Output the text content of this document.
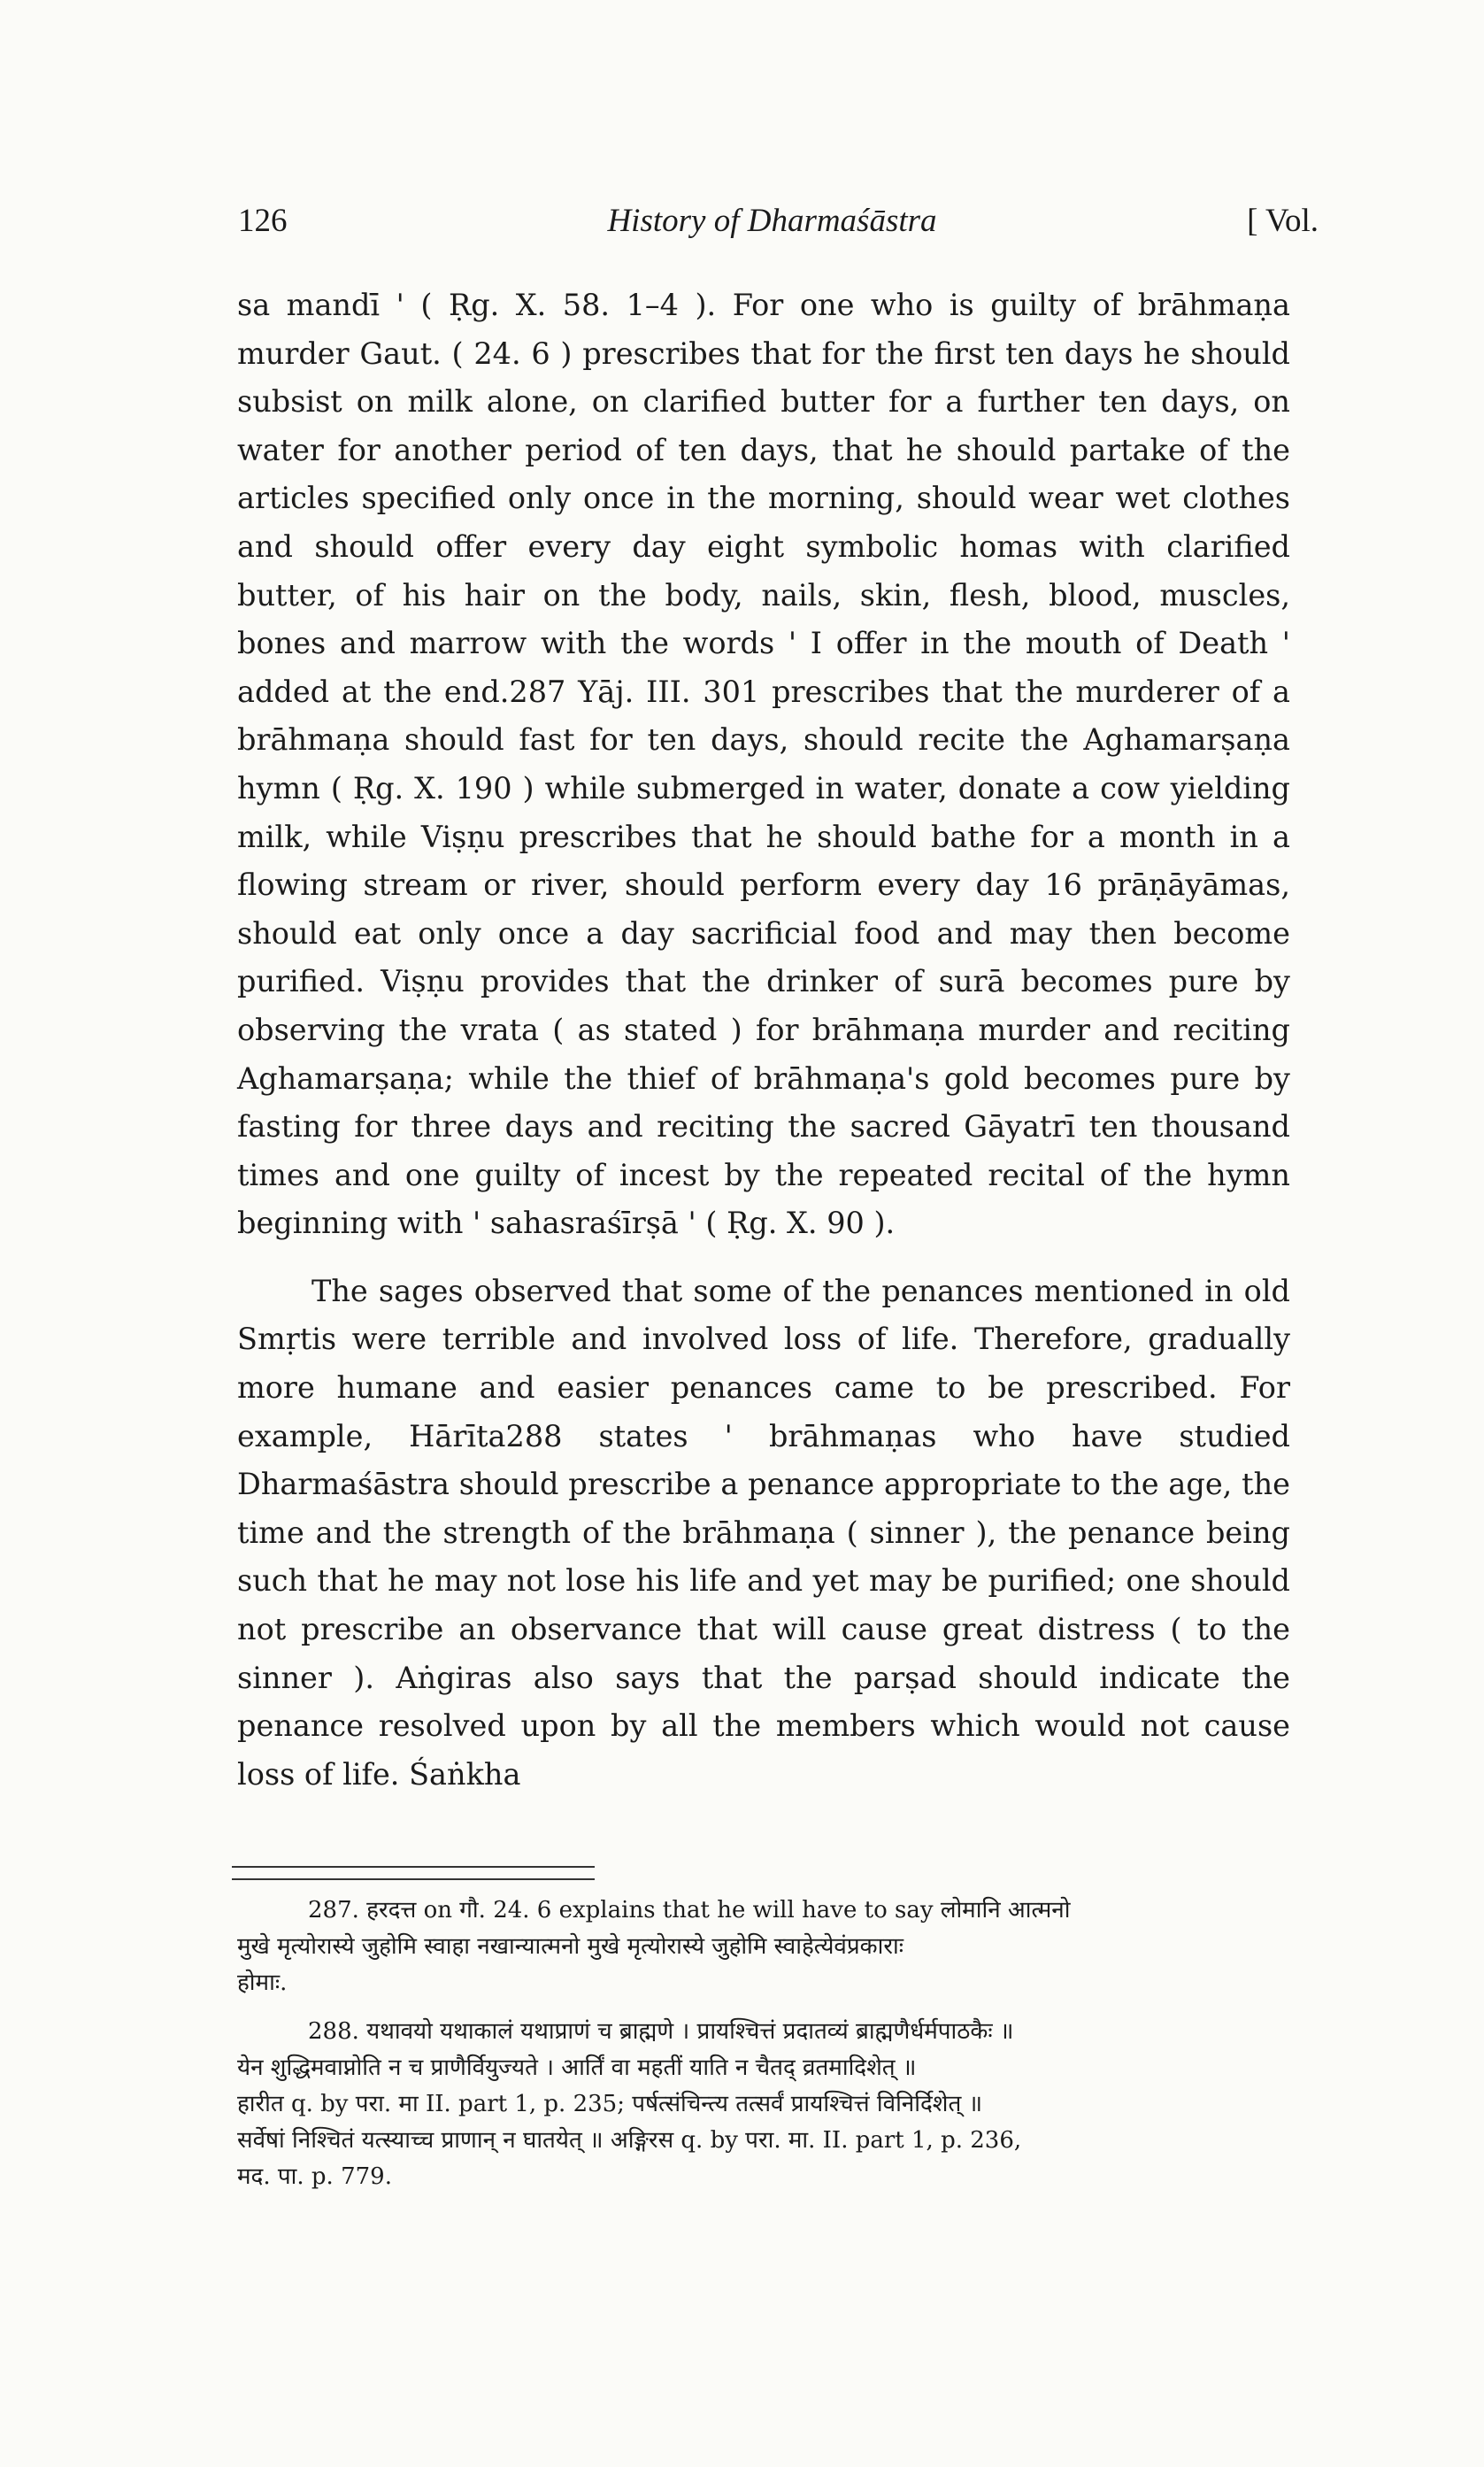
126	History of Dharmaśāstra	[ Vol.

sa mandī ' ( Ṛg. X. 58. 1–4 ). For one who is guilty of brāhmaṇa murder Gaut. ( 24. 6 ) prescribes that for the first ten days he should subsist on milk alone, on clarified butter for a further ten days, on water for another period of ten days, that he should partake of the articles specified only once in the morning, should wear wet clothes and should offer every day eight symbolic homas with clarified butter, of his hair on the body, nails, skin, flesh, blood, muscles, bones and marrow with the words ' I offer in the mouth of Death ' added at the end.287 Yāj. III. 301 prescribes that the murderer of a brāhmaṇa should fast for ten days, should recite the Aghamarṣaṇa hymn ( Ṛg. X. 190 ) while submerged in water, donate a cow yielding milk, while Viṣṇu prescribes that he should bathe for a month in a flowing stream or river, should perform every day 16 prāṇāyāmas, should eat only once a day sacrificial food and may then become purified. Viṣṇu provides that the drinker of surā becomes pure by observing the vrata ( as stated ) for brāhmaṇa murder and reciting Aghamarṣaṇa; while the thief of brāhmaṇa's gold becomes pure by fasting for three days and reciting the sacred Gāyatrī ten thousand times and one guilty of incest by the repeated recital of the hymn beginning with ' sahasraśīrṣā ' ( Ṛg. X. 90 ).

The sages observed that some of the penances mentioned in old Smṛtis were terrible and involved loss of life. Therefore, gradually more humane and easier penances came to be prescribed. For example, Hārīta288 states ' brāhmaṇas who have studied Dharmaśāstra should prescribe a penance appropriate to the age, the time and the strength of the brāhmaṇa ( sinner ), the penance being such that he may not lose his life and yet may be purified; one should not prescribe an observance that will cause great distress ( to the sinner ). Aṅgiras also says that the parṣad should indicate the penance resolved upon by all the members which would not cause loss of life. Śaṅkha

287. हरदत्त on गौ. 24. 6 explains that he will have to say लोमानि आत्मनो
मुखे मृत्योरास्ये जुहोमि स्वाहा नखान्यात्मनो मुखे मृत्योरास्ये जुहोमि स्वाहेत्येवंप्रकाराः
होमाः.
288. यथावयो यथाकालं यथाप्राणं च ब्राह्मणे । प्रायश्चित्तं प्रदातव्यं ब्राह्मणैर्धर्मपाठकैः ॥
येन शुद्धिमवाप्नोति न च प्राणैर्वियुज्यते । आर्तिं वा महतीं याति न चैतद् व्रतमादिशेत् ॥
हारीत q. by परा. मा II. part 1, p. 235; पर्षत्संचिन्त्य तत्सर्वं प्रायश्चित्तं विनिर्दिशेत् ॥
सर्वेषां निश्चितं यत्स्याच्च प्राणान् न घातयेत् ॥ अङ्गिरस q. by परा. मा. II. part 1, p. 236,
मद. पा. p. 779.
